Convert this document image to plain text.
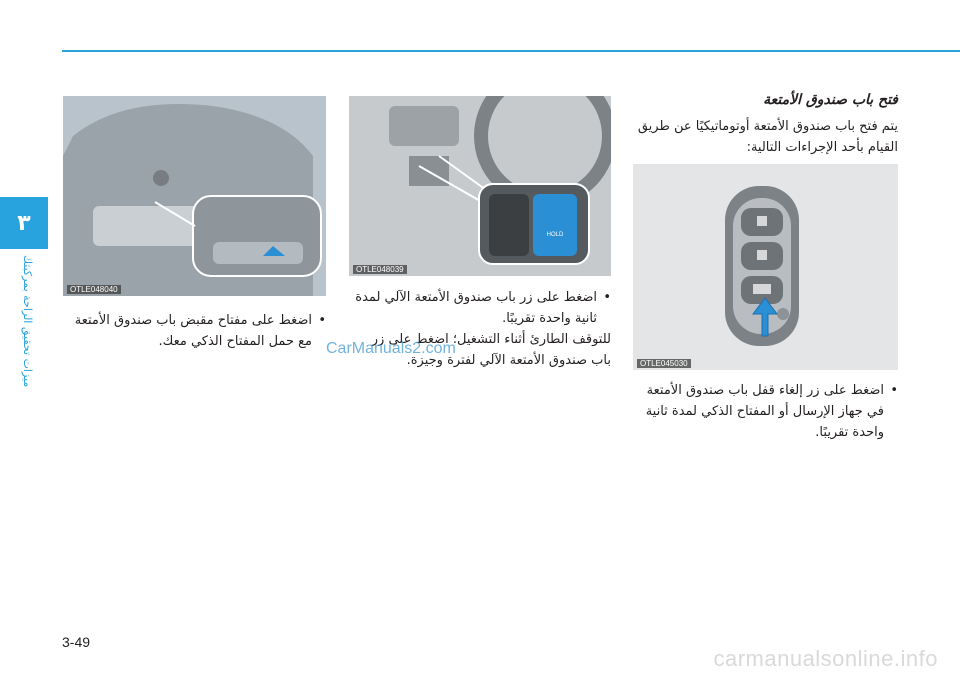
٣
ميزات تحقيق الراحة بمركبتك
فتح باب صندوق الأمتعة
يتم فتح باب صندوق الأمتعة أوتوماتيكيًا عن طريق القيام بأحد الإجراءات التالية:
OTLE045030
HOLD
OTLE048039
OTLE048040
• اضغط على زر إلغاء قفل باب صندوق الأمتعة في جهاز الإرسال أو المفتاح الذكي لمدة ثانية واحدة تقريبًا.
• اضغط على زر باب صندوق الأمتعة الآلي لمدة ثانية واحدة تقريبًا.
للتوقف الطارئ أثناء التشغيل؛ اضغط على زر باب صندوق الأمتعة الآلي لفترة وجيزة.
• اضغط على مفتاح مقبض باب صندوق الأمتعة مع حمل المفتاح الذكي معك. CarManuals2.com
3-49
carmanualsonline.info
